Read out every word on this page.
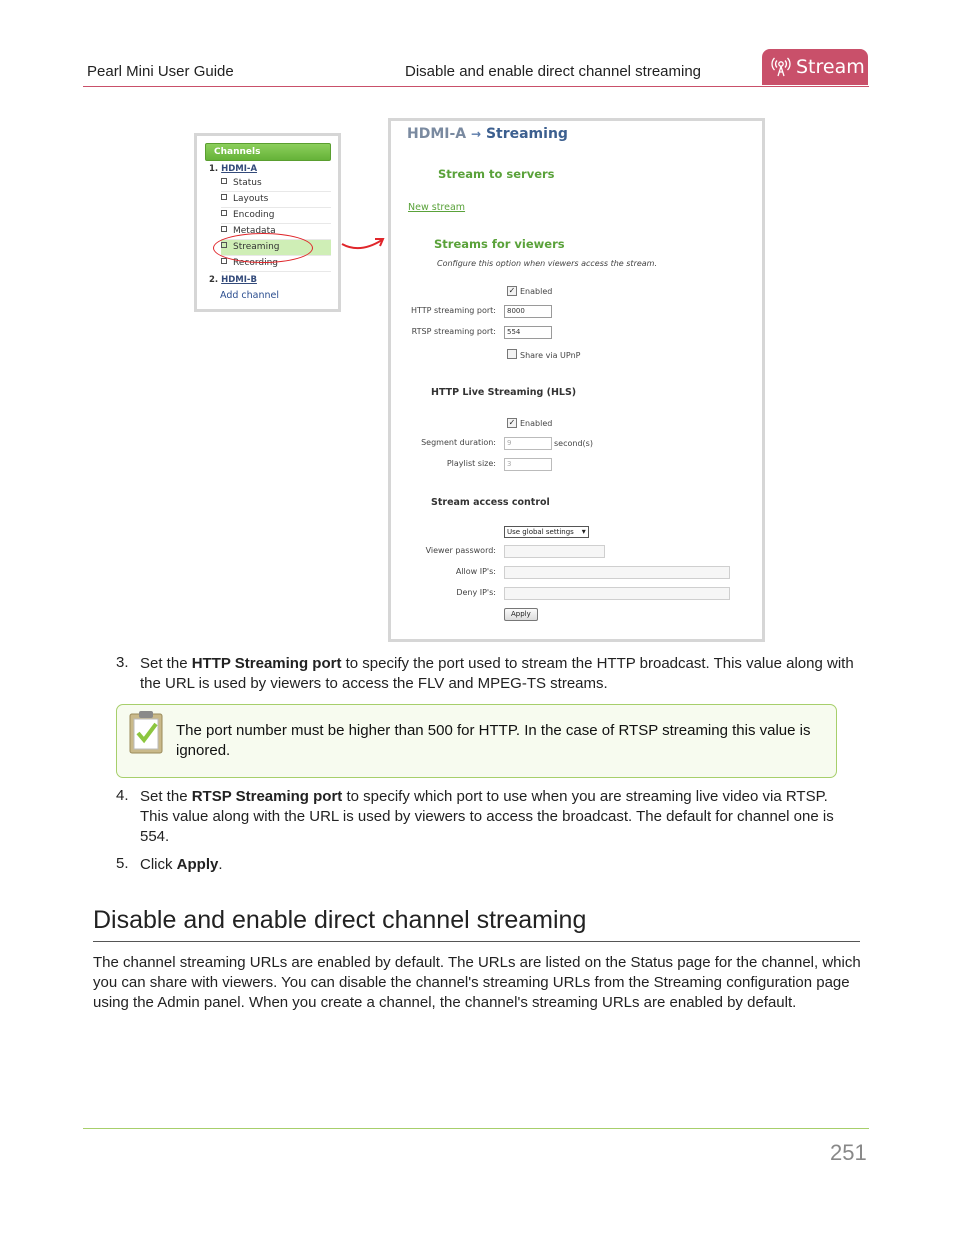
Pearl Mini User Guide	Disable and enable direct channel streaming	Stream
Channels
1. HDMI-A
Status
Layouts
Encoding
Metadata
Streaming
Recording
2. HDMI-B
Add channel
HDMI-A → Streaming
Stream to servers
New stream
Streams for viewers
Configure this option when viewers access the stream.
✓ Enabled
HTTP streaming port:	8000
RTSP streaming port:	554
Share via UPnP
HTTP Live Streaming (HLS)
✓ Enabled
Segment duration:	9	second(s)
Playlist size:	3
Stream access control
Use global settings ▾
Viewer password:
Allow IP's:
Deny IP's:
Apply
3. Set the HTTP Streaming port to specify the port used to stream the HTTP broadcast. This value along with the URL is used by viewers to access the FLV and MPEG-TS streams.
The port number must be higher than 500 for HTTP. In the case of RTSP streaming this value is ignored.
4. Set the RTSP Streaming port to specify which port to use when you are streaming live video via RTSP. This value along with the URL is used by viewers to access the broadcast. The default for channel one is 554.
5. Click Apply.
Disable and enable direct channel streaming
The channel streaming URLs are enabled by default. The URLs are listed on the Status page for the channel, which you can share with viewers. You can disable the channel's streaming URLs from the Streaming configuration page using the Admin panel. When you create a channel, the channel's streaming URLs are enabled by default.
251
